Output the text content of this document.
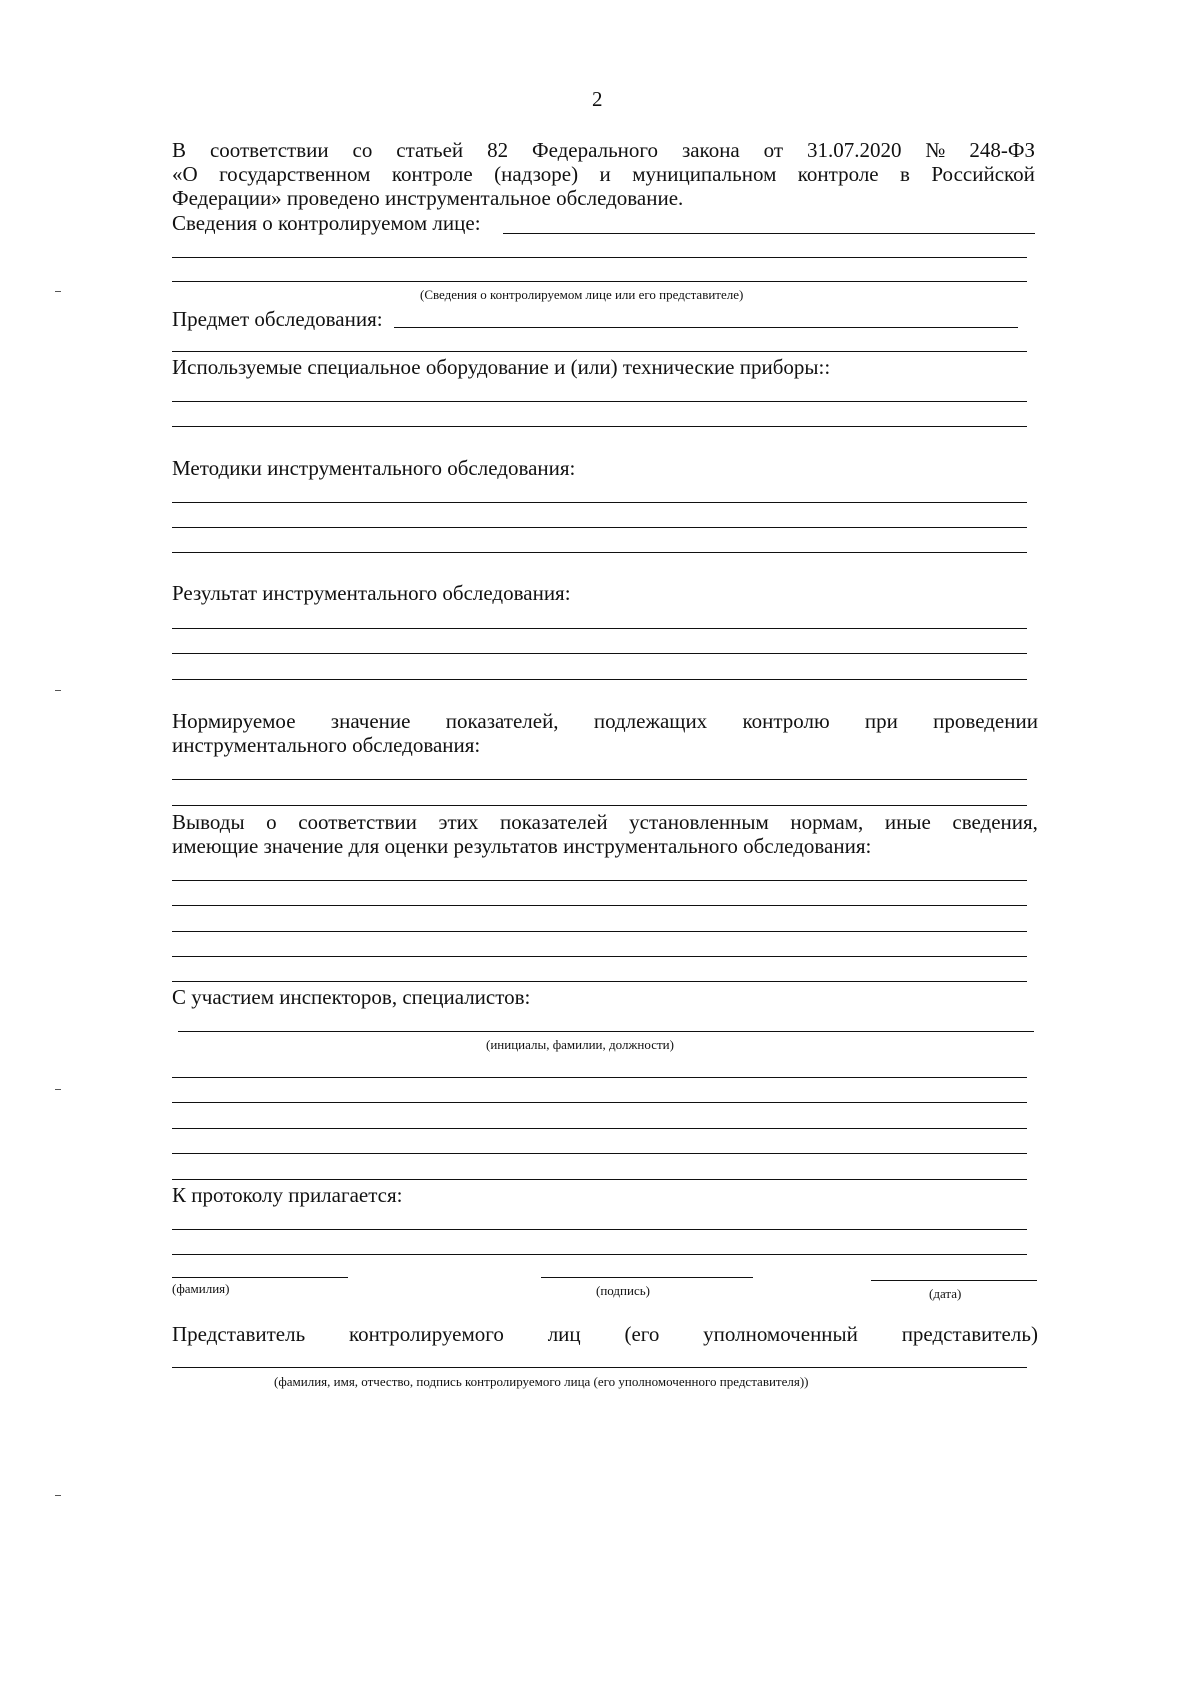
2
В соответствии со статьей 82 Федерального закона от 31.07.2020 № 248-ФЗ
«О государственном контроле (надзоре) и муниципальном контроле в Российской
Федерации» проведено инструментальное обследование.
Сведения о контролируемом лице:
(Сведения о контролируемом лице или его представителе)
Предмет обследования:
Используемые специальное оборудование и (или) технические приборы::
Методики инструментального обследования:
Результат инструментального обследования:
Нормируемое значение показателей, подлежащих контролю при проведении
инструментального обследования:
Выводы о соответствии этих показателей установленным нормам, иные сведения,
имеющие значение для оценки результатов инструментального обследования:
С участием инспекторов, специалистов:
(инициалы, фамилии, должности)
К протоколу прилагается:
(фамилия)	(подпись)	(дата)
Представитель контролируемого лиц (его уполномоченный представитель)
(фамилия, имя, отчество, подпись контролируемого лица (его уполномоченного представителя))
